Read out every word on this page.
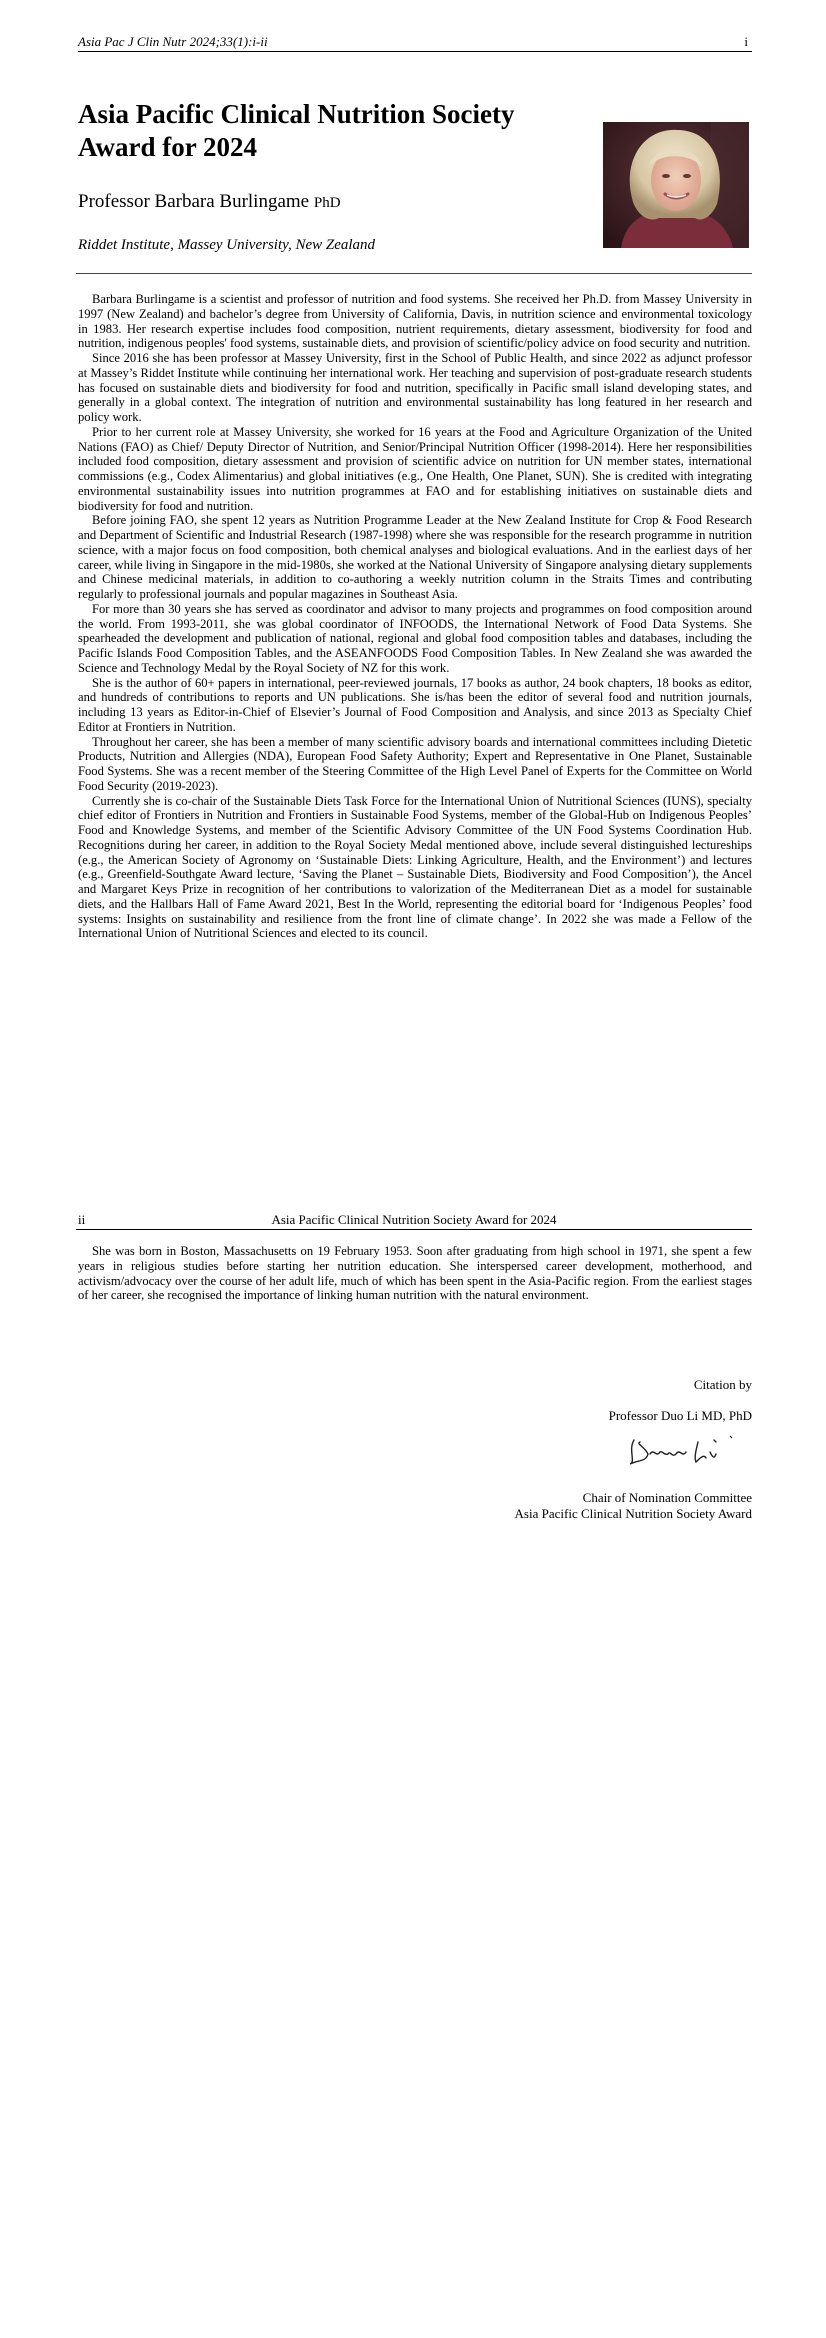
Asia Pac J Clin Nutr 2024;33(1):i-ii	i
Asia Pacific Clinical Nutrition Society Award for 2024
Professor Barbara Burlingame PhD
Riddet Institute, Massey University, New Zealand

Barbara Burlingame is a scientist and professor of nutrition and food systems. She received her Ph.D. from Massey University in 1997 (New Zealand) and bachelor’s degree from University of California, Davis, in nutrition science and environmental toxicology in 1983. Her research expertise includes food composition, nutrient requirements, dietary assessment, biodiversity for food and nutrition, indigenous peoples' food systems, sustainable diets, and provision of scientific/policy advice on food security and nutrition.

Since 2016 she has been professor at Massey University, first in the School of Public Health, and since 2022 as adjunct professor at Massey’s Riddet Institute while continuing her international work. Her teaching and supervision of post-graduate research students has focused on sustainable diets and biodiversity for food and nutrition, specifically in Pacific small island developing states, and generally in a global context. The integration of nutrition and environmental sustainability has long featured in her research and policy work.

Prior to her current role at Massey University, she worked for 16 years at the Food and Agriculture Organization of the United Nations (FAO) as Chief/ Deputy Director of Nutrition, and Senior/Principal Nutrition Officer (1998-2014). Here her responsibilities included food composition, dietary assessment and provision of scientific advice on nutrition for UN member states, international commissions (e.g., Codex Alimentarius) and global initiatives (e.g., One Health, One Planet, SUN). She is credited with integrating environmental sustainability issues into nutrition programmes at FAO and for establishing initiatives on sustainable diets and biodiversity for food and nutrition.

Before joining FAO, she spent 12 years as Nutrition Programme Leader at the New Zealand Institute for Crop & Food Research and Department of Scientific and Industrial Research (1987-1998) where she was responsible for the research programme in nutrition science, with a major focus on food composition, both chemical analyses and biological evaluations. And in the earliest days of her career, while living in Singapore in the mid-1980s, she worked at the National University of Singapore analysing dietary supplements and Chinese medicinal materials, in addition to co-authoring a weekly nutrition column in the Straits Times and contributing regularly to professional journals and popular magazines in Southeast Asia.

For more than 30 years she has served as coordinator and advisor to many projects and programmes on food composition around the world. From 1993-2011, she was global coordinator of INFOODS, the International Network of Food Data Systems. She spearheaded the development and publication of national, regional and global food composition tables and databases, including the Pacific Islands Food Composition Tables, and the ASEANFOODS Food Composition Tables. In New Zealand she was awarded the Science and Technology Medal by the Royal Society of NZ for this work.

She is the author of 60+ papers in international, peer-reviewed journals, 17 books as author, 24 book chapters, 18 books as editor, and hundreds of contributions to reports and UN publications. She is/has been the editor of several food and nutrition journals, including 13 years as Editor-in-Chief of Elsevier’s Journal of Food Composition and Analysis, and since 2013 as Specialty Chief Editor at Frontiers in Nutrition.

Throughout her career, she has been a member of many scientific advisory boards and international committees including Dietetic Products, Nutrition and Allergies (NDA), European Food Safety Authority; Expert and Representative in One Planet, Sustainable Food Systems. She was a recent member of the Steering Committee of the High Level Panel of Experts for the Committee on World Food Security (2019-2023).

Currently she is co-chair of the Sustainable Diets Task Force for the International Union of Nutritional Sciences (IUNS), specialty chief editor of Frontiers in Nutrition and Frontiers in Sustainable Food Systems, member of the Global-Hub on Indigenous Peoples’ Food and Knowledge Systems, and member of the Scientific Advisory Committee of the UN Food Systems Coordination Hub. Recognitions during her career, in addition to the Royal Society Medal mentioned above, include several distinguished lectureships (e.g., the American Society of Agronomy on ‘Sustainable Diets: Linking Agriculture, Health, and the Environment’) and lectures (e.g., Greenfield-Southgate Award lecture, ‘Saving the Planet – Sustainable Diets, Biodiversity and Food Composition’), the Ancel and Margaret Keys Prize in recognition of her contributions to valorization of the Mediterranean Diet as a model for sustainable diets, and the Hallbars Hall of Fame Award 2021, Best In the World, representing the editorial board for ‘Indigenous Peoples’ food systems: Insights on sustainability and resilience from the front line of climate change’. In 2022 she was made a Fellow of the International Union of Nutritional Sciences and elected to its council.

ii	Asia Pacific Clinical Nutrition Society Award for 2024

She was born in Boston, Massachusetts on 19 February 1953. Soon after graduating from high school in 1971, she spent a few years in religious studies before starting her nutrition education. She interspersed career development, motherhood, and activism/advocacy over the course of her adult life, much of which has been spent in the Asia-Pacific region. From the earliest stages of her career, she recognised the importance of linking human nutrition with the natural environment.

Citation by
Professor Duo Li MD, PhD
Chair of Nomination Committee
Asia Pacific Clinical Nutrition Society Award
